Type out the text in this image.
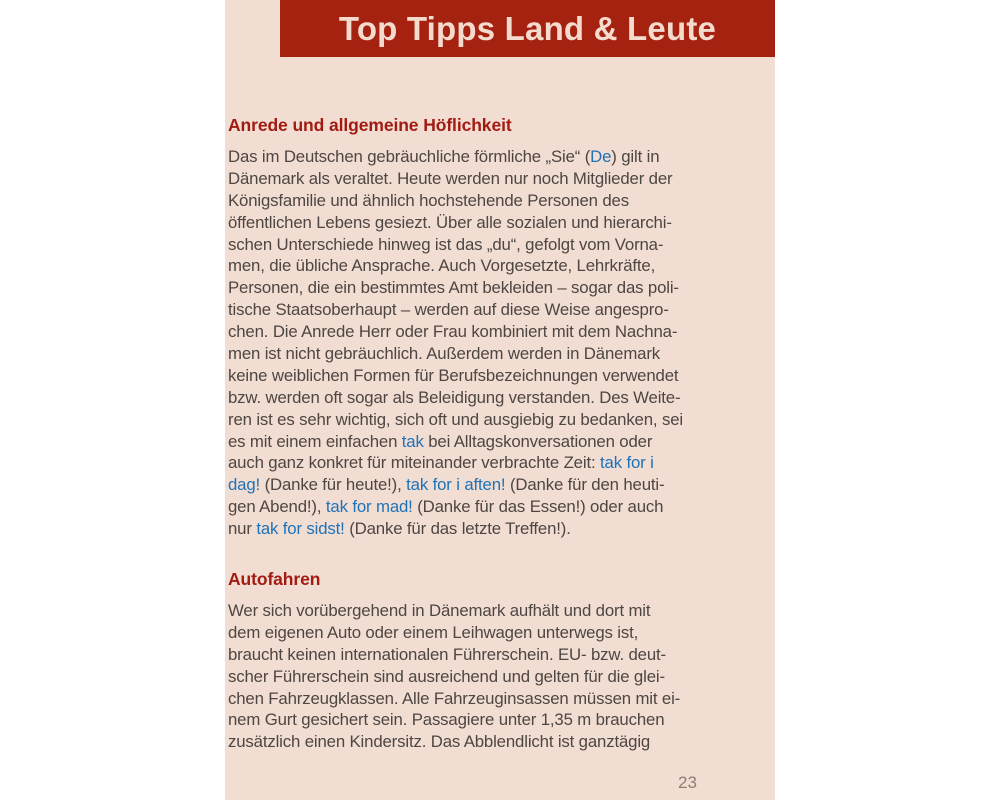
Top Tipps Land & Leute
Anrede und allgemeine Höflichkeit
Das im Deutschen gebräuchliche förmliche „Sie“ (De) gilt in
Dänemark als veraltet. Heute werden nur noch Mitglieder der
Königsfamilie und ähnlich hochstehende Personen des
öffentlichen Lebens gesiezt. Über alle sozialen und hierarchi-
schen Unterschiede hinweg ist das „du“, gefolgt vom Vorna-
men, die übliche Ansprache. Auch Vorgesetzte, Lehrkräfte,
Personen, die ein bestimmtes Amt bekleiden – sogar das poli-
tische Staatsoberhaupt – werden auf diese Weise angespro-
chen. Die Anrede Herr oder Frau kombiniert mit dem Nachna-
men ist nicht gebräuchlich. Außerdem werden in Dänemark
keine weiblichen Formen für Berufsbezeichnungen verwendet
bzw. werden oft sogar als Beleidigung verstanden. Des Weite-
ren ist es sehr wichtig, sich oft und ausgiebig zu bedanken, sei
es mit einem einfachen tak bei Alltagskonversationen oder
auch ganz konkret für miteinander verbrachte Zeit: tak for i
dag! (Danke für heute!), tak for i aften! (Danke für den heuti-
gen Abend!), tak for mad! (Danke für das Essen!) oder auch
nur tak for sidst! (Danke für das letzte Treffen!).
Autofahren
Wer sich vorübergehend in Dänemark aufhält und dort mit
dem eigenen Auto oder einem Leihwagen unterwegs ist,
braucht keinen internationalen Führerschein. EU- bzw. deut-
scher Führerschein sind ausreichend und gelten für die glei-
chen Fahrzeugklassen. Alle Fahrzeuginsassen müssen mit ei-
nem Gurt gesichert sein. Passagiere unter 1,35 m brauchen
zusätzlich einen Kindersitz. Das Abblendlicht ist ganztägig
23
